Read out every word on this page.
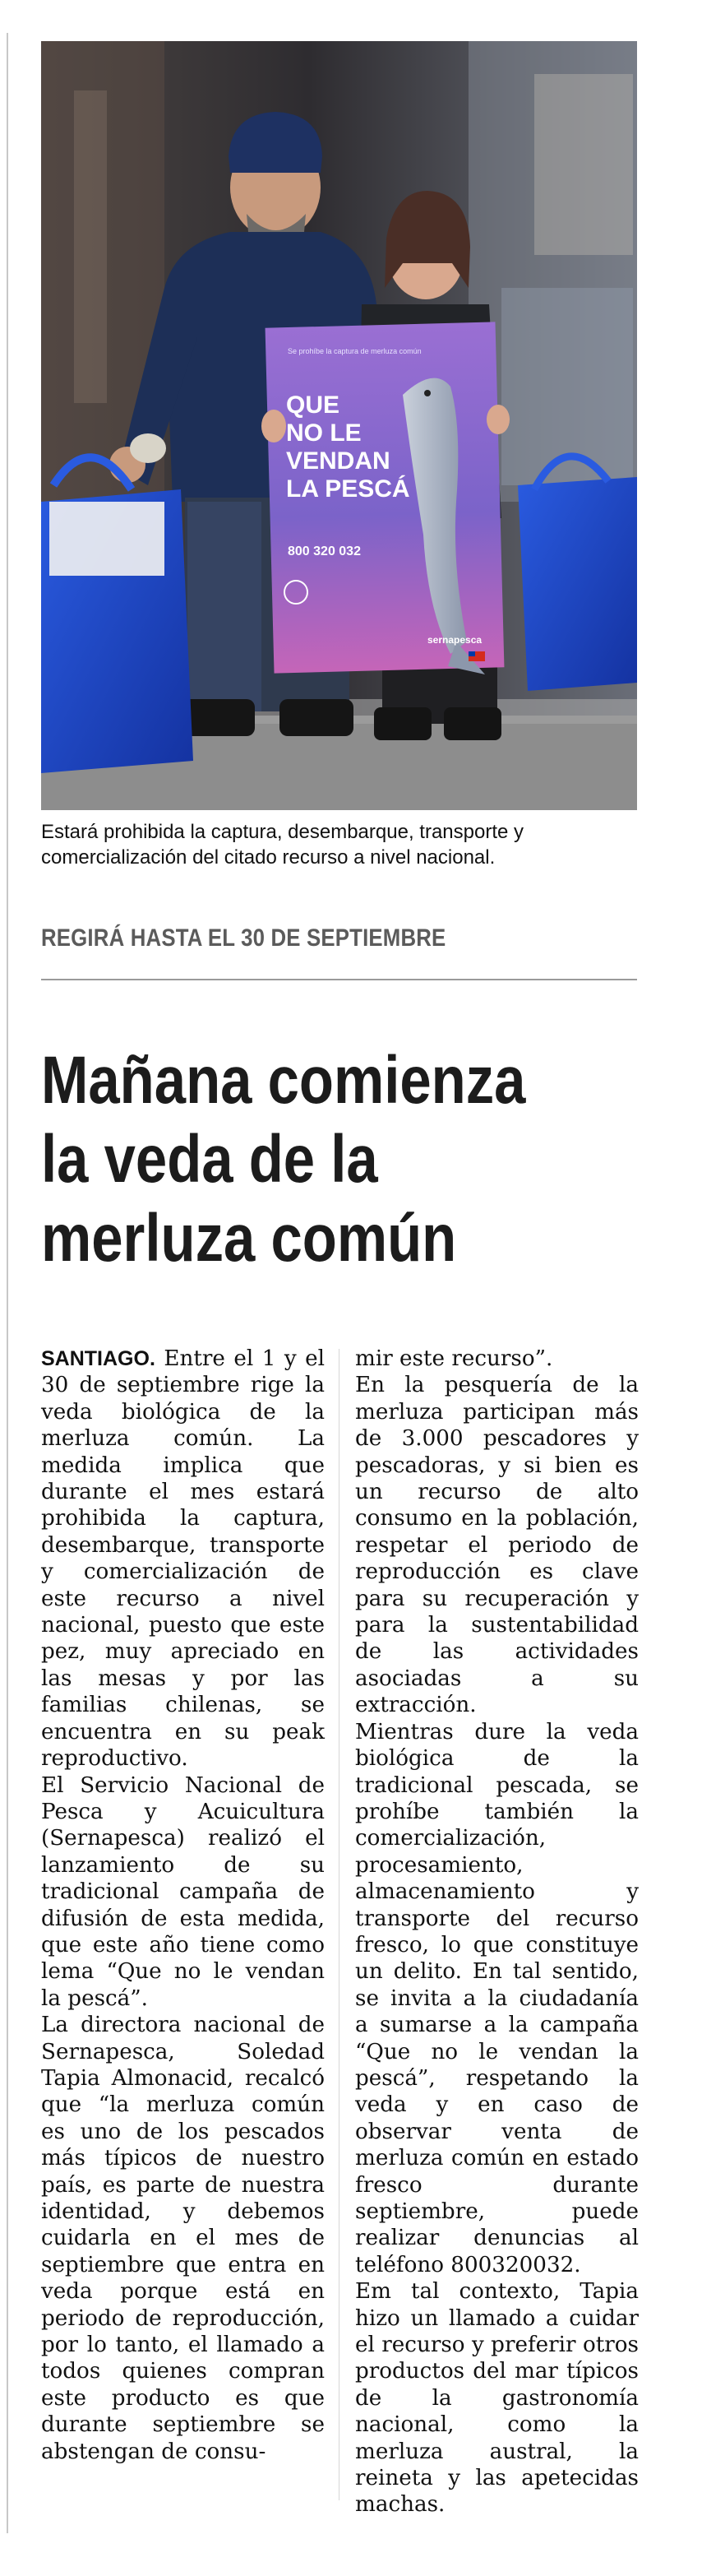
Se prohíbe la captura de merluza común
QUE
NO LE
VENDAN
LA PESCÁ
800 320 032
sernapesca
Estará prohibida la captura, desembarque, transporte y comercialización del citado recurso a nivel nacional.
REGIRÁ HASTA EL 30 DE SEPTIEMBRE
Mañana comienza la veda de la merluza común

SANTIAGO. Entre el 1 y el 30 de septiembre rige la veda biológica de la merluza común. La medida implica que durante el mes estará prohibida la captura, desembarque, transporte y comercialización de este recurso a nivel nacional, puesto que este pez, muy apreciado en las mesas y por las familias chilenas, se encuentra en su peak reproductivo.

El Servicio Nacional de Pesca y Acuicultura (Sernapesca) realizó el lanzamiento de su tradicional campaña de difusión de esta medida, que este año tiene como lema “Que no le vendan la pescá”.

La directora nacional de Sernapesca, Soledad Tapia Almonacid, recalcó que “la merluza común es uno de los pescados más típicos de nuestro país, es parte de nuestra identidad, y debemos cuidarla en el mes de septiembre que entra en veda porque está en periodo de reproducción, por lo tanto, el llamado a todos quienes compran este producto es que durante septiembre se abstengan de consu-

mir este recurso”.

En la pesquería de la merluza participan más de 3.000 pescadores y pescadoras, y si bien es un recurso de alto consumo en la población, respetar el periodo de reproducción es clave para su recuperación y para la sustentabilidad de las actividades asociadas a su extracción.

Mientras dure la veda biológica de la tradicional pescada, se prohíbe también la comercialización, procesamiento, almacenamiento y transporte del recurso fresco, lo que constituye un delito. En tal sentido, se invita a la ciudadanía a sumarse a la campaña “Que no le vendan la pescá”, respetando la veda y en caso de observar venta de merluza común en estado fresco durante septiembre, puede realizar denuncias al teléfono 800320032.

Em tal contexto, Tapia hizo un llamado a cuidar el recurso y preferir otros productos del mar típicos de la gastronomía nacional, como la merluza austral, la reineta y las apetecidas machas.
